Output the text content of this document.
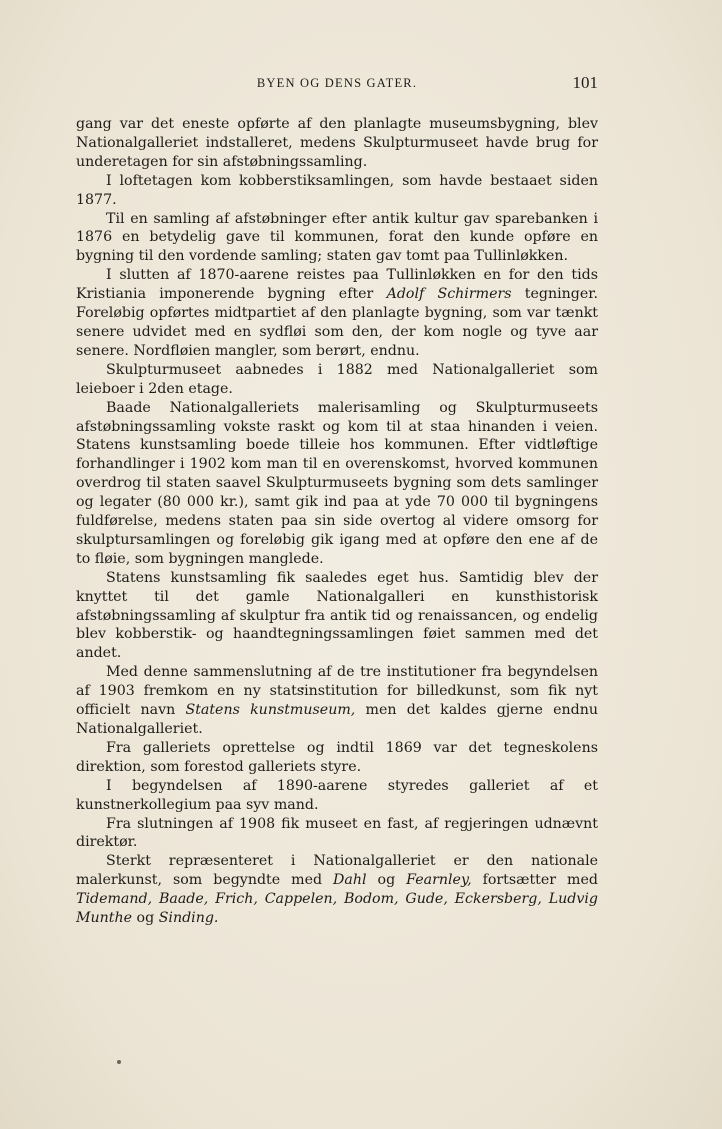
BYEN OG DENS GATER.	101

gang var det eneste opførte af den planlagte museumsbygning, blev Nationalgalleriet indstalleret, medens Skulpturmuseet havde brug for underetagen for sin afstøbningssamling.

I loftetagen kom kobberstiksamlingen, som havde bestaaet siden 1877.

Til en samling af afstøbninger efter antik kultur gav sparebanken i 1876 en betydelig gave til kommunen, forat den kunde opføre en bygning til den vordende samling; staten gav tomt paa Tullinløkken.

I slutten af 1870-aarene reistes paa Tullinløkken en for den tids Kristiania imponerende bygning efter Adolf Schirmers tegninger. Foreløbig opførtes midtpartiet af den planlagte bygning, som var tænkt senere udvidet med en sydfløi som den, der kom nogle og tyve aar senere. Nordfløien mangler, som berørt, endnu.

Skulpturmuseet aabnedes i 1882 med Nationalgalleriet som leieboer i 2den etage.

Baade Nationalgalleriets malerisamling og Skulpturmuseets afstøbningssamling vokste raskt og kom til at staa hinanden i veien. Statens kunstsamling boede tilleie hos kommunen. Efter vidtløftige forhandlinger i 1902 kom man til en overenskomst, hvorved kommunen overdrog til staten saavel Skulpturmuseets bygning som dets samlinger og legater (80 000 kr.), samt gik ind paa at yde 70 000 til bygningens fuldførelse, medens staten paa sin side overtog al videre omsorg for skulptursamlingen og foreløbig gik igang med at opføre den ene af de to fløie, som bygningen manglede.

Statens kunstsamling fik saaledes eget hus. Samtidig blev der knyttet til det gamle Nationalgalleri en kunsthistorisk afstøbningssamling af skulptur fra antik tid og renaissancen, og endelig blev kobberstik- og haandtegningssamlingen føiet sammen med det andet.

Med denne sammenslutning af de tre institutioner fra begyndelsen af 1903 fremkom en ny statsinstitution for billedkunst, som fik nyt officielt navn Statens kunstmuseum, men det kaldes gjerne endnu Nationalgalleriet.

Fra galleriets oprettelse og indtil 1869 var det tegneskolens direktion, som forestod galleriets styre.

I begyndelsen af 1890-aarene styredes galleriet af et kunstnerkollegium paa syv mand.

Fra slutningen af 1908 fik museet en fast, af regjeringen udnævnt direktør.

Sterkt repræsenteret i Nationalgalleriet er den nationale malerkunst, som begyndte med Dahl og Fearnley, fortsætter med Tidemand, Baade, Frich, Cappelen, Bodom, Gude, Eckersberg, Ludvig Munthe og Sinding.
